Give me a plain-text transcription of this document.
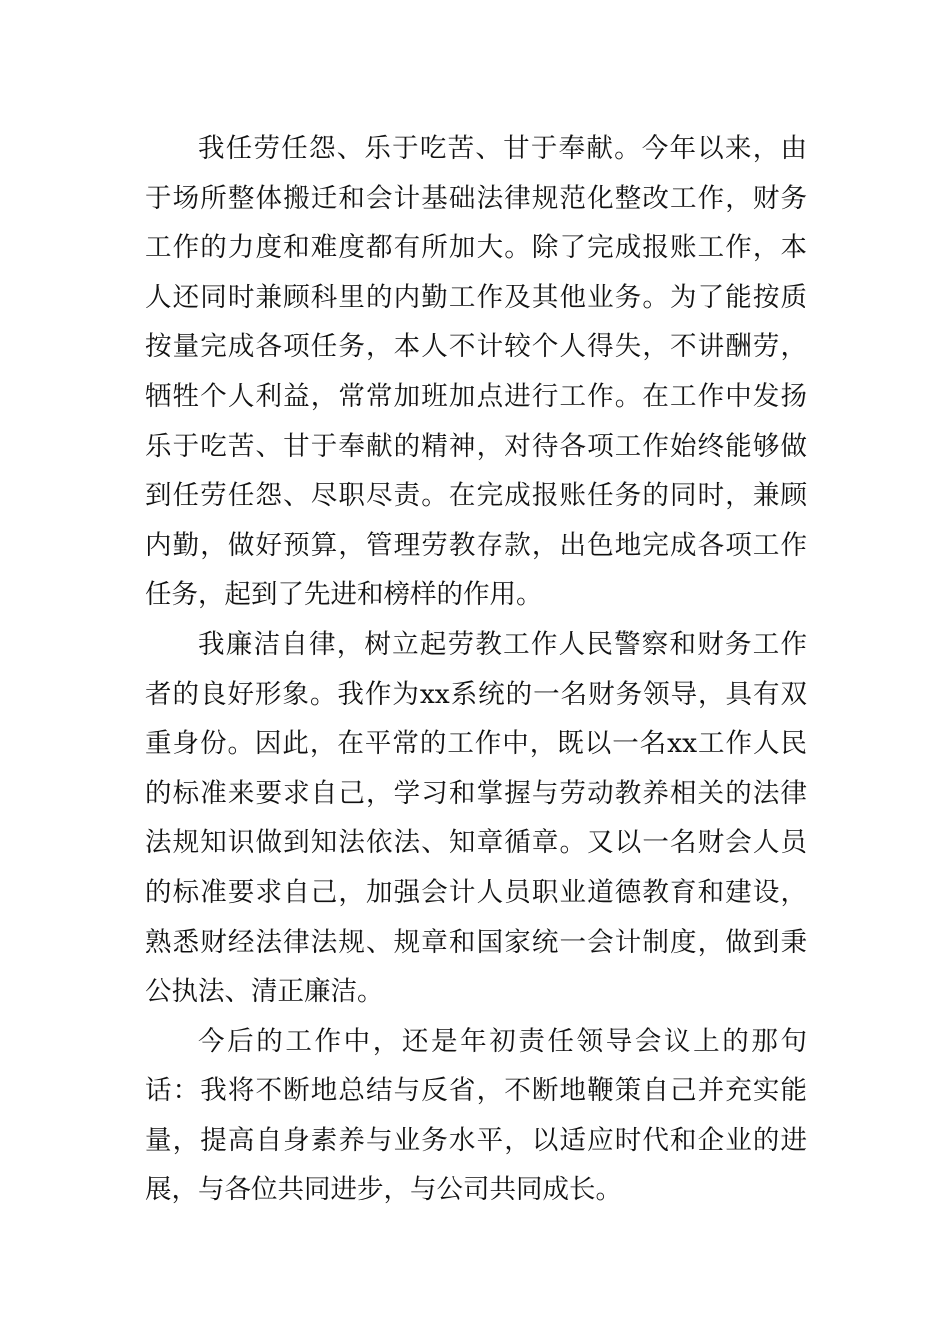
我任劳任怨、乐于吃苦、甘于奉献。今年以来，由于场所整体搬迁和会计基础法律规范化整改工作，财务工作的力度和难度都有所加大。除了完成报账工作，本人还同时兼顾科里的内勤工作及其他业务。为了能按质按量完成各项任务，本人不计较个人得失，不讲酬劳，牺牲个人利益，常常加班加点进行工作。在工作中发扬乐于吃苦、甘于奉献的精神，对待各项工作始终能够做到任劳任怨、尽职尽责。在完成报账任务的同时，兼顾内勤，做好预算，管理劳教存款，出色地完成各项工作任务，起到了先进和榜样的作用。

我廉洁自律，树立起劳教工作人民警察和财务工作者的良好形象。我作为xx系统的一名财务领导，具有双重身份。因此，在平常的工作中，既以一名xx工作人民的标准来要求自己，学习和掌握与劳动教养相关的法律法规知识做到知法依法、知章循章。又以一名财会人员的标准要求自己，加强会计人员职业道德教育和建设，熟悉财经法律法规、规章和国家统一会计制度，做到秉公执法、清正廉洁。

今后的工作中，还是年初责任领导会议上的那句话：我将不断地总结与反省，不断地鞭策自己并充实能量，提高自身素养与业务水平，以适应时代和企业的进展，与各位共同进步，与公司共同成长。
